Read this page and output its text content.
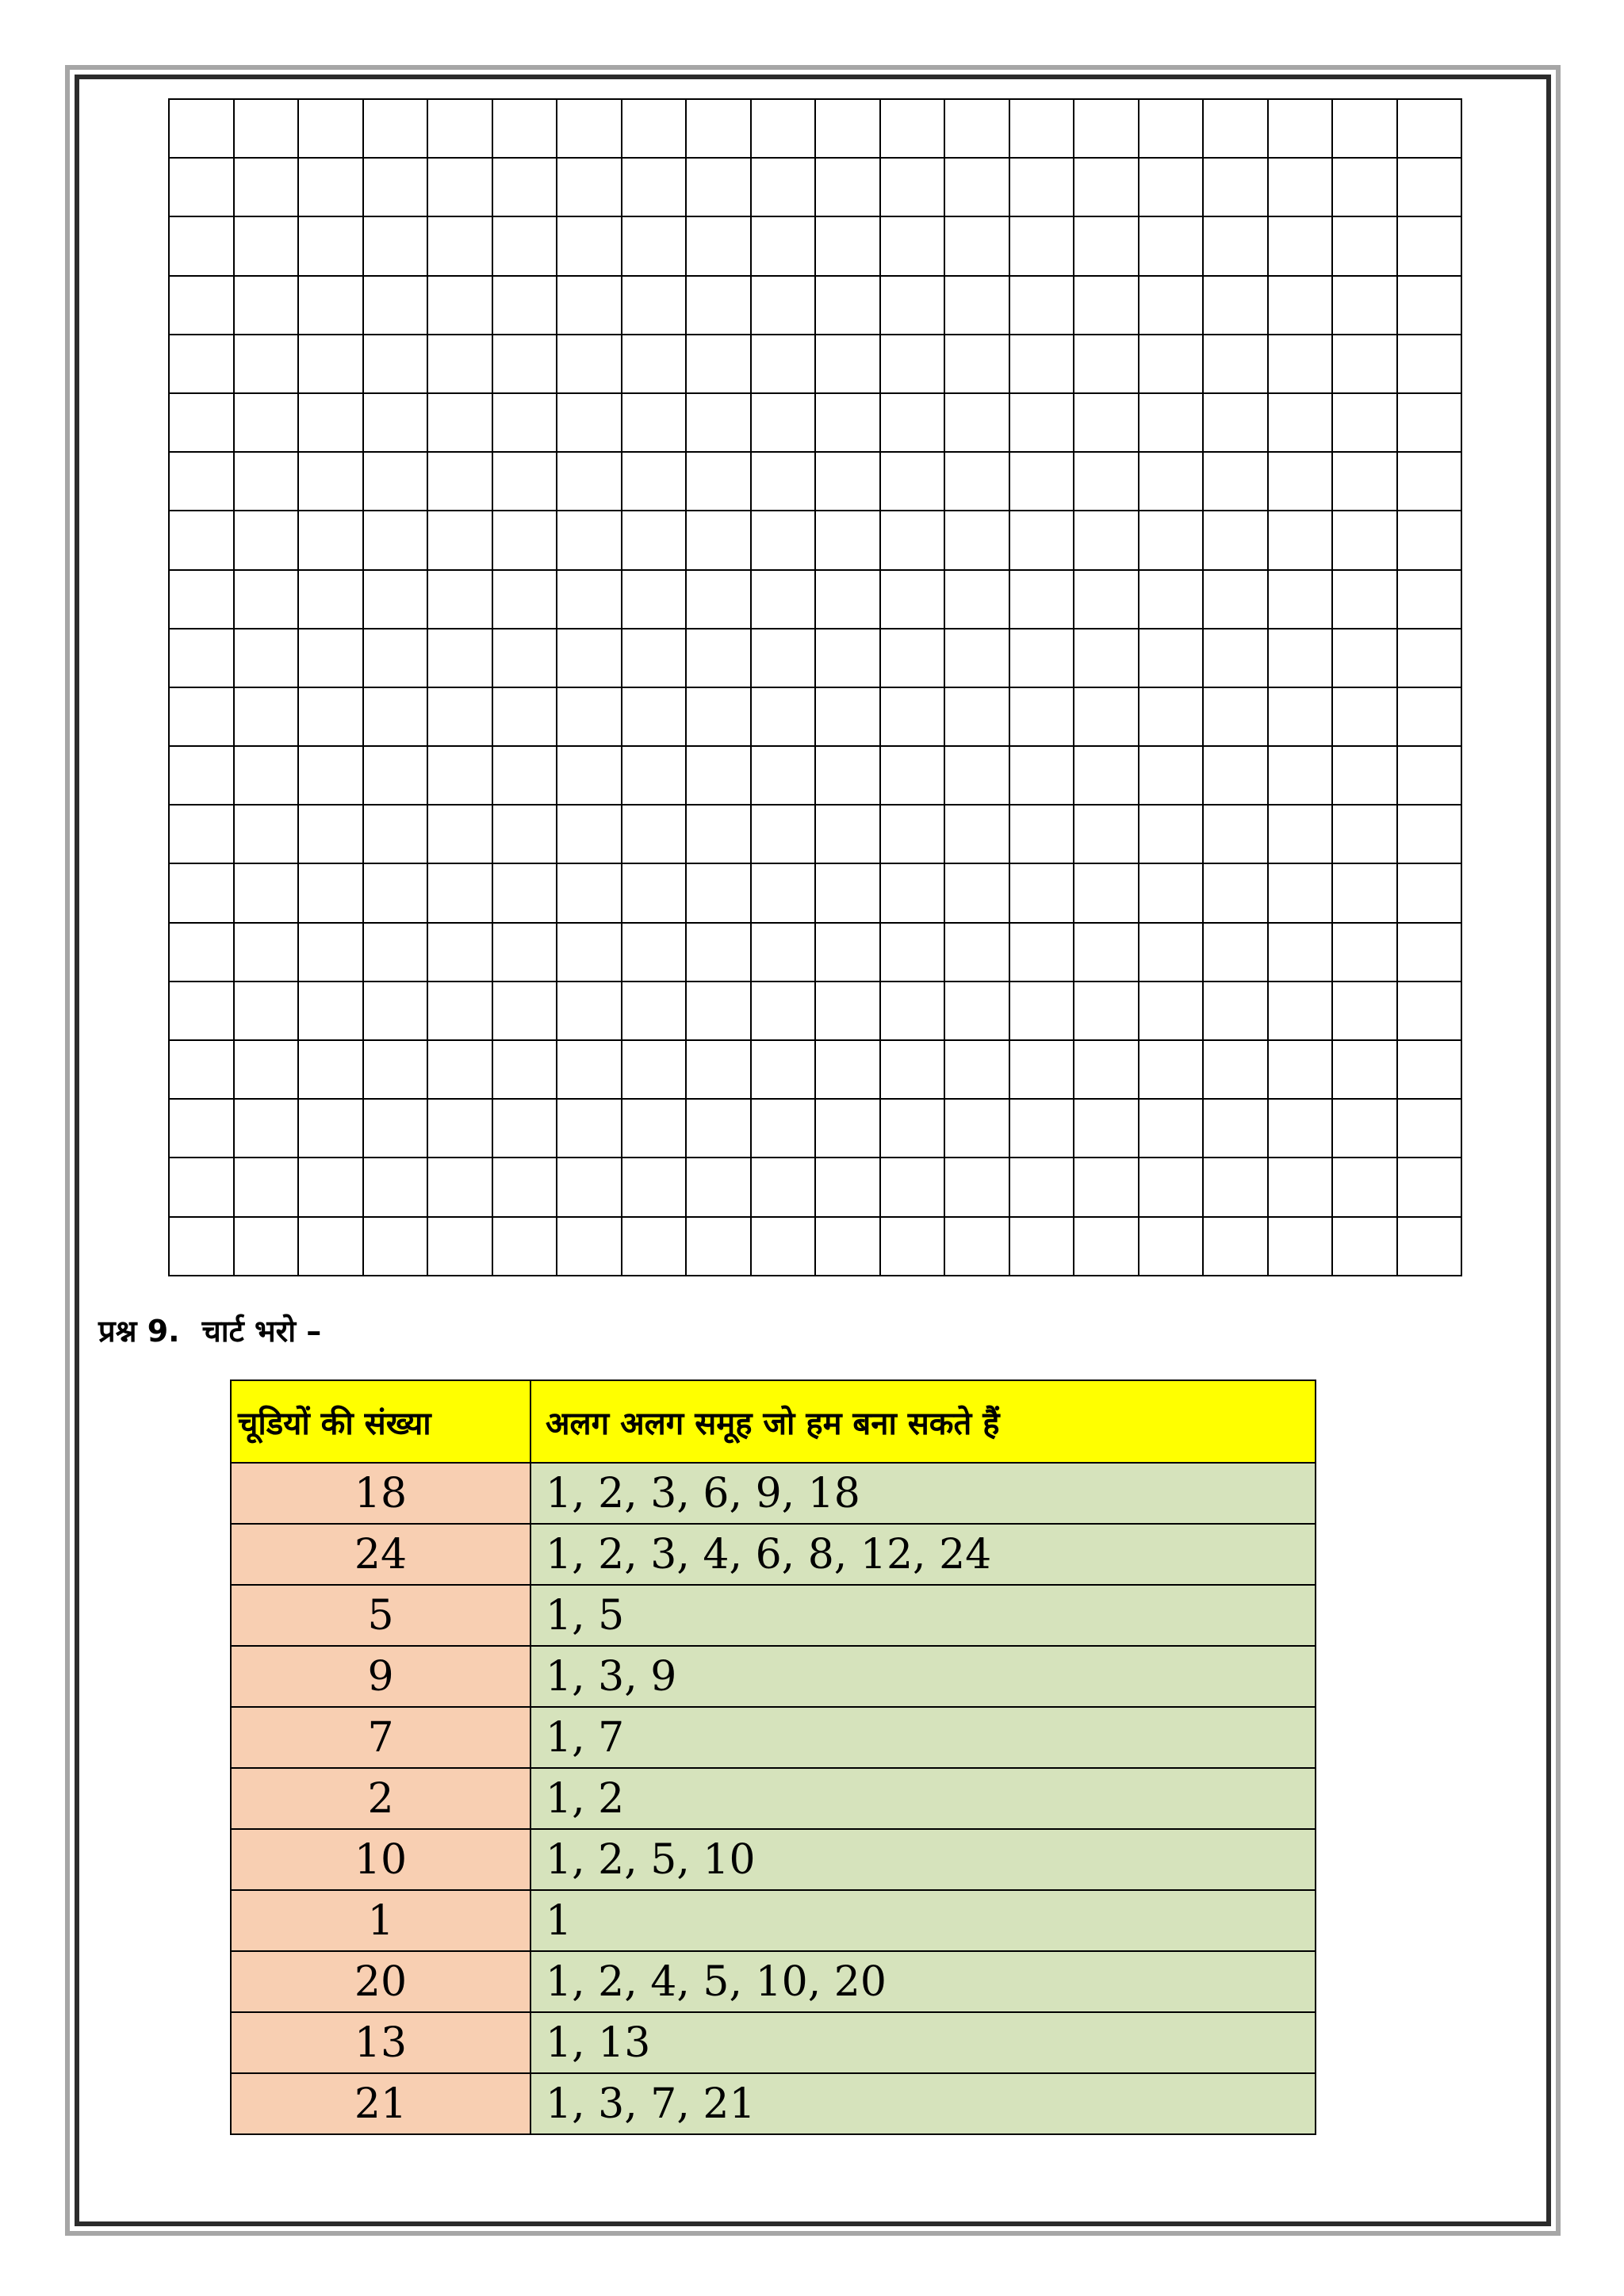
प्रश्न 9. चार्ट भरो –
चूडियों की संख्या	अलग अलग समूह जो हम बना सकते हैं
18	1, 2, 3, 6, 9, 18
24	1, 2, 3, 4, 6, 8, 12, 24
5	1, 5
9	1, 3, 9
7	1, 7
2	1, 2
10	1, 2, 5, 10
1	1
20	1, 2, 4, 5, 10, 20
13	1, 13
21	1, 3, 7, 21
